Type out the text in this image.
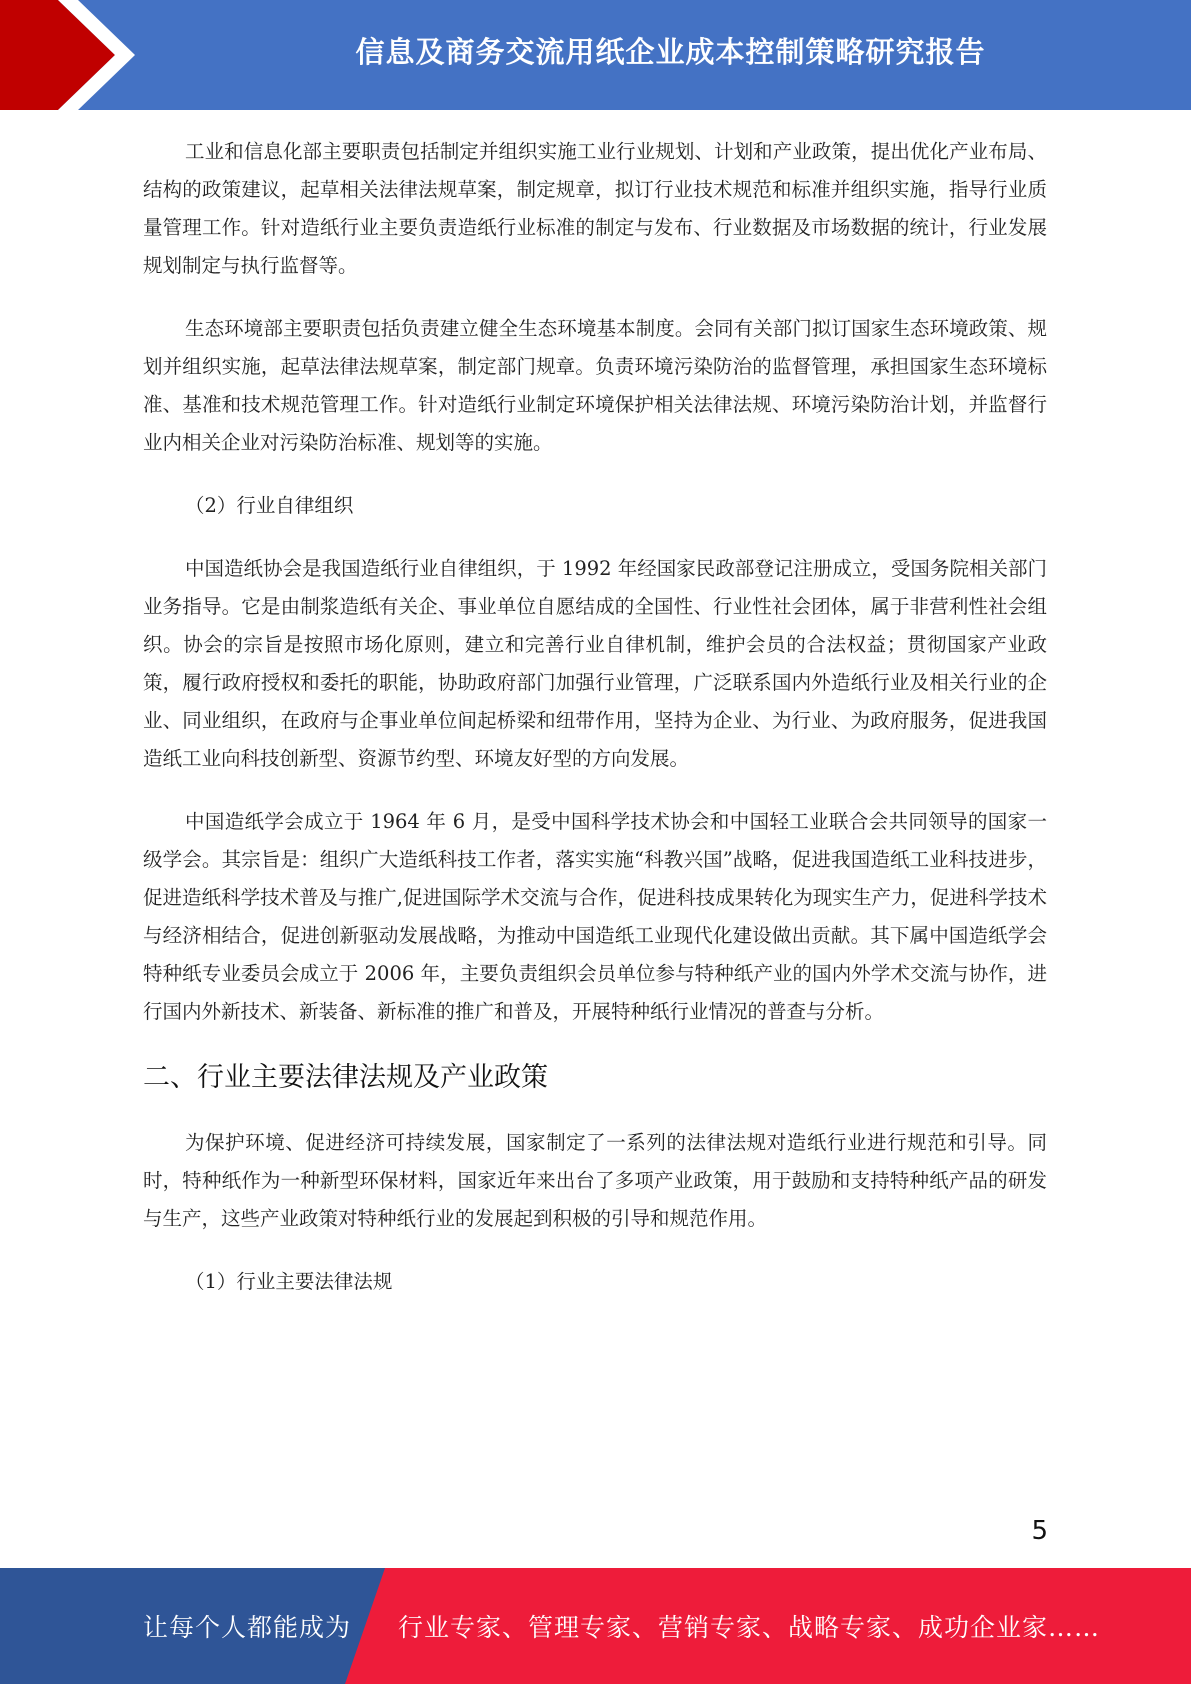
信息及商务交流用纸企业成本控制策略研究报告

工业和信息化部主要职责包括制定并组织实施工业行业规划、计划和产业政策，提出优化产业布局、结构的政策建议，起草相关法律法规草案，制定规章，拟订行业技术规范和标准并组织实施，指导行业质量管理工作。针对造纸行业主要负责造纸行业标准的制定与发布、行业数据及市场数据的统计，行业发展规划制定与执行监督等。

生态环境部主要职责包括负责建立健全生态环境基本制度。会同有关部门拟订国家生态环境政策、规划并组织实施，起草法律法规草案，制定部门规章。负责环境污染防治的监督管理，承担国家生态环境标准、基准和技术规范管理工作。针对造纸行业制定环境保护相关法律法规、环境污染防治计划，并监督行业内相关企业对污染防治标准、规划等的实施。

（2）行业自律组织

中国造纸协会是我国造纸行业自律组织，于 1992 年经国家民政部登记注册成立，受国务院相关部门业务指导。它是由制浆造纸有关企、事业单位自愿结成的全国性、行业性社会团体，属于非营利性社会组织。协会的宗旨是按照市场化原则，建立和完善行业自律机制，维护会员的合法权益；贯彻国家产业政策，履行政府授权和委托的职能，协助政府部门加强行业管理，广泛联系国内外造纸行业及相关行业的企业、同业组织，在政府与企事业单位间起桥梁和纽带作用，坚持为企业、为行业、为政府服务，促进我国造纸工业向科技创新型、资源节约型、环境友好型的方向发展。

中国造纸学会成立于 1964 年 6 月，是受中国科学技术协会和中国轻工业联合会共同领导的国家一级学会。其宗旨是：组织广大造纸科技工作者，落实实施“科教兴国”战略，促进我国造纸工业科技进步，促进造纸科学技术普及与推广,促进国际学术交流与合作，促进科技成果转化为现实生产力，促进科学技术与经济相结合，促进创新驱动发展战略，为推动中国造纸工业现代化建设做出贡献。其下属中国造纸学会特种纸专业委员会成立于 2006 年，主要负责组织会员单位参与特种纸产业的国内外学术交流与协作，进行国内外新技术、新装备、新标准的推广和普及，开展特种纸行业情况的普查与分析。

二、行业主要法律法规及产业政策

为保护环境、促进经济可持续发展，国家制定了一系列的法律法规对造纸行业进行规范和引导。同时，特种纸作为一种新型环保材料，国家近年来出台了多项产业政策，用于鼓励和支持特种纸产品的研发与生产，这些产业政策对特种纸行业的发展起到积极的引导和规范作用。

（1）行业主要法律法规

5
让每个人都能成为 行业专家、管理专家、营销专家、战略专家、成功企业家……
